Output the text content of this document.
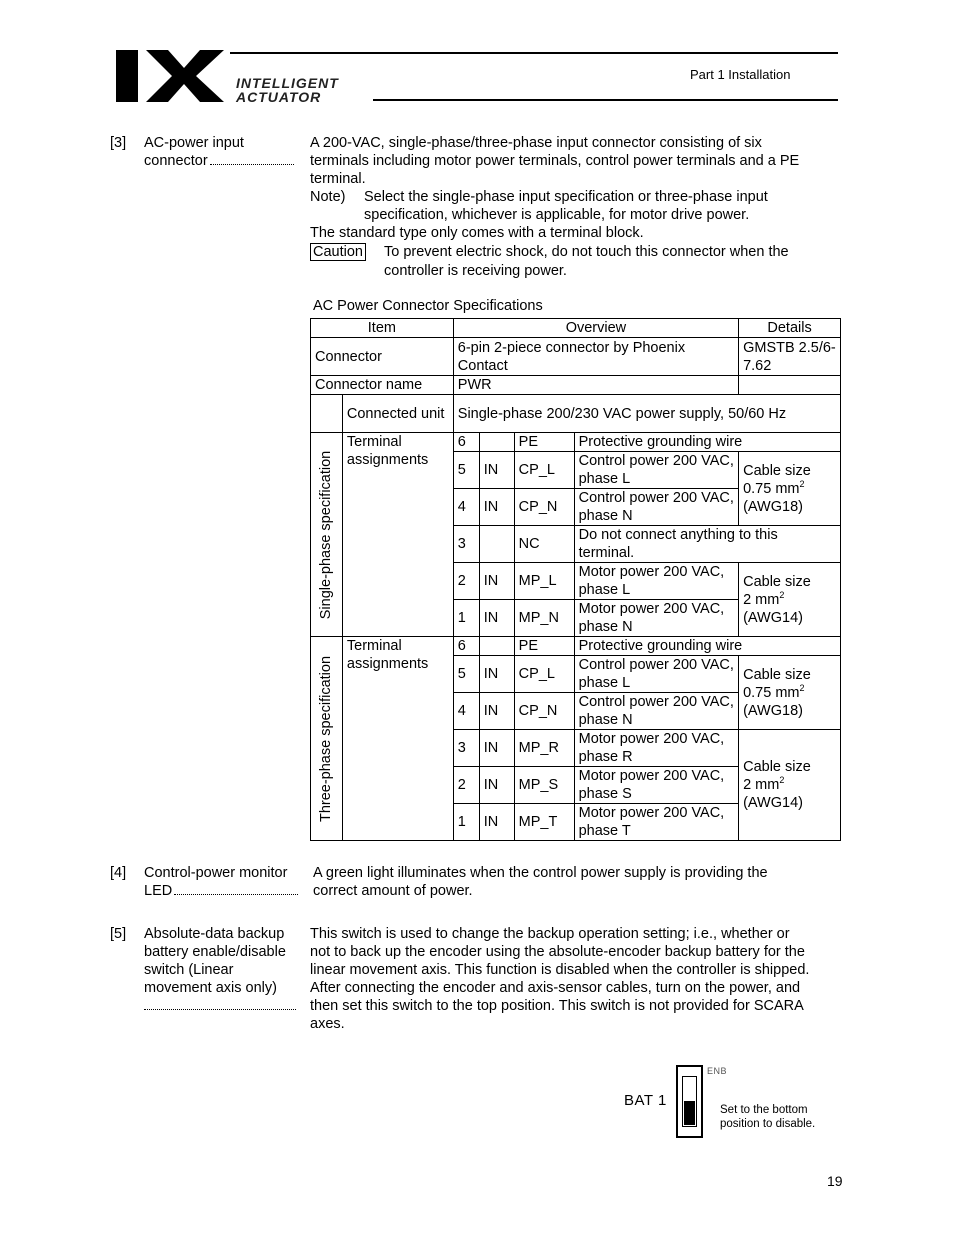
INTELLIGENT
ACTUATOR
Part 1 Installation
[3] AC-power input
connector
A 200-VAC, single-phase/three-phase input connector consisting of six
terminals including motor power terminals, control power terminals and a PE
terminal.
Note)	Select the single-phase input specification or three-phase input
specification, whichever is applicable, for motor drive power.
The standard type only comes with a terminal block.
Caution	To prevent electric shock, do not touch this connector when the
controller is receiving power.
AC Power Connector Specifications
Item		Overview				Details
Connector		6-pin 2-piece connector by Phoenix Contact				GMSTB 2.5/6-7.62
Connector name		PWR				
	Connected unit	Single-phase 200/230 VAC power supply, 50/60 Hz				

Single-phase specification	Terminal assignments	6		PE	Protective grounding wire	
		5	IN	CP_L	Control power 200 VAC, phase L	Cable size
0.75 $mm^2$
(AWG18)

		4	IN	CP_N	Control power 200 VAC, phase N	
		3		NC	Do not connect anything to this terminal.	
		2	IN	MP_L	Motor power 200 VAC, phase L	Cable size
2 $mm^2$
(AWG14)

		1	IN	MP_N	Motor power 200 VAC, phase N	

Three-phase specification	Terminal assignments	6		PE	Protective grounding wire	
		5	IN	CP_L	Control power 200 VAC, phase L	Cable size
0.75 $mm^2$
(AWG18)

		4	IN	CP_N	Control power 200 VAC, phase N	
		3	IN	MP_R	Motor power 200 VAC, phase R	Cable size
2 $mm^2$
(AWG14)

		2	IN	MP_S	Motor power 200 VAC, phase S	
		1	IN	MP_T	Motor power 200 VAC, phase T	
[4] Control-power monitor
LED
A green light illuminates when the control power supply is providing the
correct amount of power.
[5] Absolute-data backup
battery enable/disable
switch (Linear
movement axis only)
This switch is used to change the backup operation setting; i.e., whether or
not to back up the encoder using the absolute-encoder backup battery for the
linear movement axis. This function is disabled when the controller is shipped.
After connecting the encoder and axis-sensor cables, turn on the power, and
then set this switch to the top position. This switch is not provided for SCARA
axes.
BAT 1
ENB
Set to the bottom
position to disable.
19
